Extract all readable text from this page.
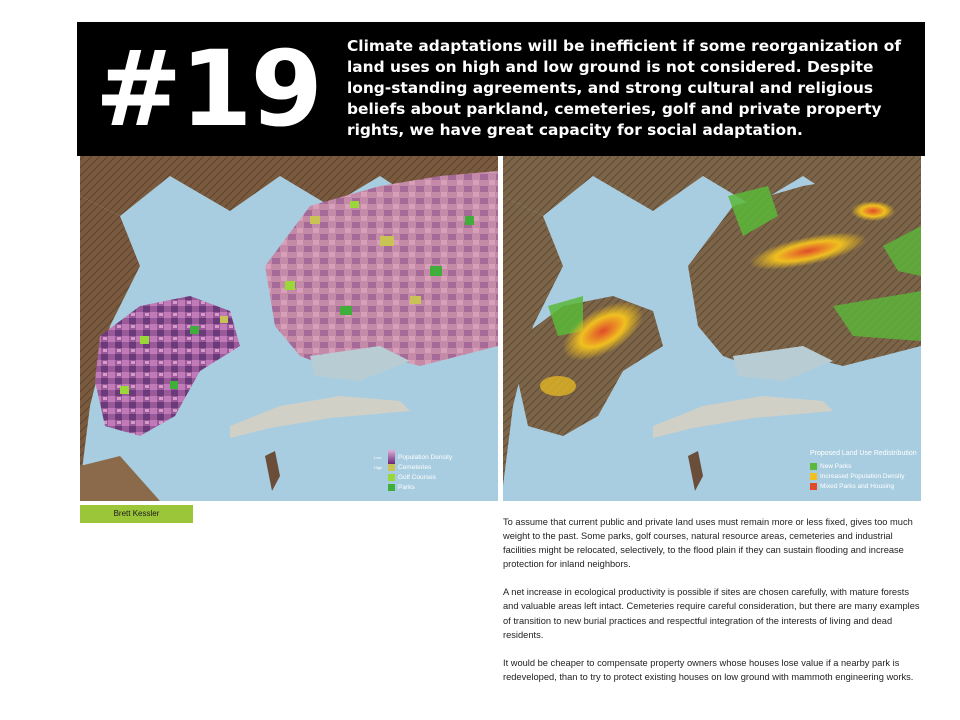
#19 Climate adaptations will be inefficient if some reorganization of land uses on high and low ground is not considered. Despite long-standing agreements, and strong cultural and religious beliefs about parkland, cemeteries, golf and private property rights, we have great capacity for social adaptation.
Low	Population Density
High	Cemeteries
Golf Courses
Parks
Proposed Land Use Redistribution
New Parks
Increased Population Density
Mixed Parks and Housing
Brett Kessler

To assume that current public and private land uses must remain more or less fixed, gives too much weight to the past. Some parks, golf courses, natural resource areas, cemeteries and industrial facilities might be relocated, selectively, to the flood plain if they can sustain flooding and increase protection for inland neighbors.

A net increase in ecological productivity is possible if sites are chosen carefully, with mature forests and valuable areas left intact. Cemeteries require careful consideration, but there are many examples of transition to new burial practices and respectful integration of the interests of living and dead residents.

It would be cheaper to compensate property owners whose houses lose value if a nearby park is redeveloped, than to try to protect existing houses on low ground with mammoth engineering works.
